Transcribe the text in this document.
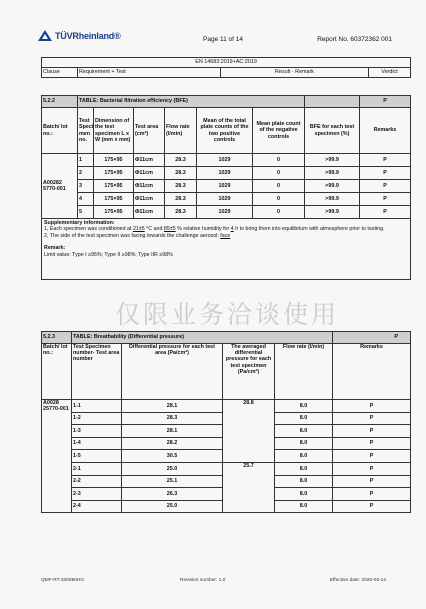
TÜVRheinland®	Page 11 of 14	Report No. 60372362 001
EN 14683:2019+AC:2019
Clause	Requirement + Test	Result - Remark	Verdict
5.2.2	TABLE: Bacterial filtration efficiency (BFE)							P
Batch/ lot no.:	Test Speci men no.	Dimension of the test specimen L x W (mm x mm)	Test area (cm²)	Flow rate (l/min)	Mean of the total plate counts of the two positive controls	Mean plate count of the negative controls	BFE for each test specimen (%)	Remarks
A00282 5770-001	1	175×95	Φ11cm	28.3	1029	0	>99.9	P
	2	175×95	Φ11cm	28.3	1029	0	>99.9	P
	3	175×95	Φ11cm	28.3	1029	0	>99.9	P
	4	175×95	Φ11cm	28.3	1029	0	>99.9	P
	5	175×95	Φ11cm	28.3	1029	0	>99.9	P

Supplementary information:
1, Each specimen was conditioned at 21±5 °C and 85±5 % relative humidity for 4 h to bring them into equilibrium with atmosphere prior to testing.
2, The side of the test specimen was facing towards the challenge aerosol: face
Remark:
Limit value: Type I ≥95%; Type II ≥98%; Type IIR ≥98%								
仅限业务洽谈使用
5.2.3	TABLE: Breathability (Differential pressure)				P
Batch/ lot no.:	Test Specimen number- Test area number	Differential pressure for each test area (Pa/cm²)	The averaged differential pressure for each test specimen (Pa/cm²)	Flow rate (l/min)	Remarks
A0028 25770-001	1-1	28.1	28.8	8.0	P
	1-2	28.3		8.0	P
	1-3	28.1		8.0	P
	1-4	28.2		8.0	P
	1-5	30.5		8.0	P
	2-1	25.0	25.7	8.0	P
	2-2	25.1		8.0	P
	2-3	26.3		8.0	P
	2-4	25.0		8.0	P
QMF-RT-330080HG	Revision number: 1.0	Effective date: 2020-03-12
